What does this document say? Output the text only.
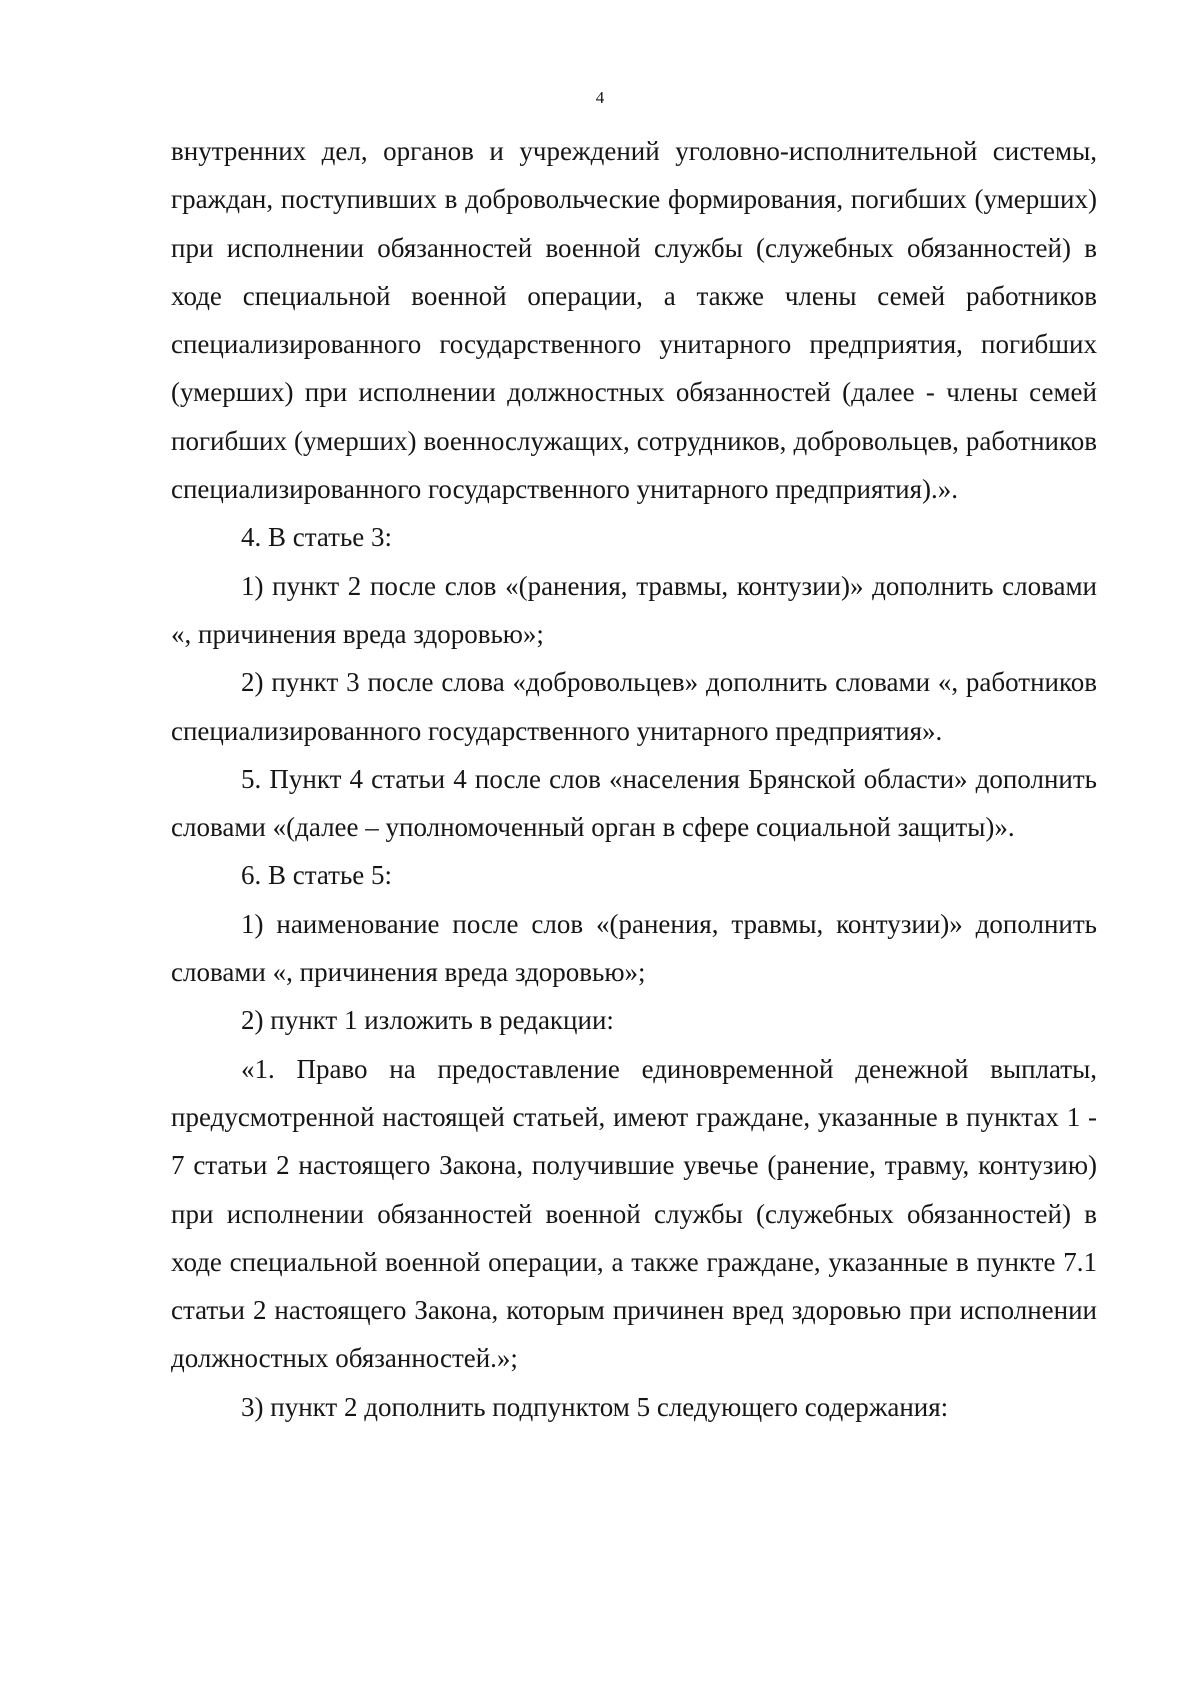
4

внутренних дел, органов и учреждений уголовно-исполнительной системы, граждан, поступивших в добровольческие формирования, погибших (умерших) при исполнении обязанностей военной службы (служебных обязанностей) в ходе специальной военной операции, а также члены семей работников специализированного государственного унитарного предприятия, погибших (умерших) при исполнении должностных обязанностей (далее - члены семей погибших (умерших) военнослужащих, сотрудников, добровольцев, работников специализированного государственного унитарного предприятия).».

4. В статье 3:

1) пункт 2 после слов «(ранения, травмы, контузии)» дополнить словами «, причинения вреда здоровью»;

2) пункт 3 после слова «добровольцев» дополнить словами «, работников специализированного государственного унитарного предприятия».

5. Пункт 4 статьи 4 после слов «населения Брянской области» дополнить словами «(далее – уполномоченный орган в сфере социальной защиты)».

6. В статье 5:

1) наименование после слов «(ранения, травмы, контузии)» дополнить словами «, причинения вреда здоровью»;

2) пункт 1 изложить в редакции:

«1. Право на предоставление единовременной денежной выплаты, предусмотренной настоящей статьей, имеют граждане, указанные в пунктах 1 - 7 статьи 2 настоящего Закона, получившие увечье (ранение, травму, контузию) при исполнении обязанностей военной службы (служебных обязанностей) в ходе специальной военной операции, а также граждане, указанные в пункте 7.1 статьи 2 настоящего Закона, которым причинен вред здоровью при исполнении должностных обязанностей.»;

3) пункт 2 дополнить подпунктом 5 следующего содержания:
